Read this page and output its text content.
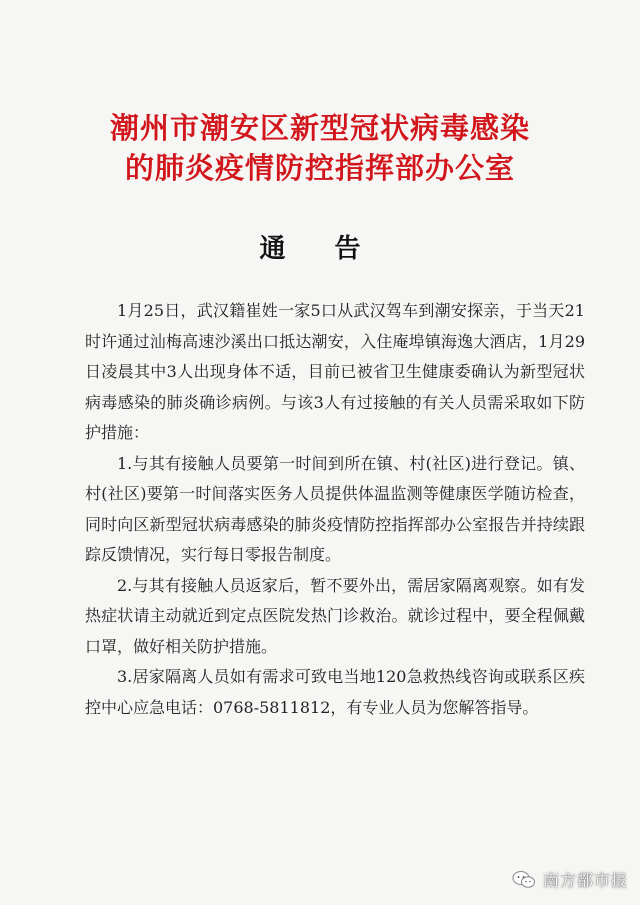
潮州市潮安区新型冠状病毒感染
的肺炎疫情防控指挥部办公室
通 告

1月25日，武汉籍崔姓一家5口从武汉驾车到潮安探亲，于当天21时许通过汕梅高速沙溪出口抵达潮安，入住庵埠镇海逸大酒店，1月29日凌晨其中3人出现身体不适，目前已被省卫生健康委确认为新型冠状病毒感染的肺炎确诊病例。与该3人有过接触的有关人员需采取如下防护措施：

1.与其有接触人员要第一时间到所在镇、村(社区)进行登记。镇、村(社区)要第一时间落实医务人员提供体温监测等健康医学随访检查，同时向区新型冠状病毒感染的肺炎疫情防控指挥部办公室报告并持续跟踪反馈情况，实行每日零报告制度。

2.与其有接触人员返家后，暂不要外出，需居家隔离观察。如有发热症状请主动就近到定点医院发热门诊救治。就诊过程中，要全程佩戴口罩，做好相关防护措施。

3.居家隔离人员如有需求可致电当地120急救热线咨询或联系区疾控中心应急电话：0768-5811812，有专业人员为您解答指导。

南方都市报
